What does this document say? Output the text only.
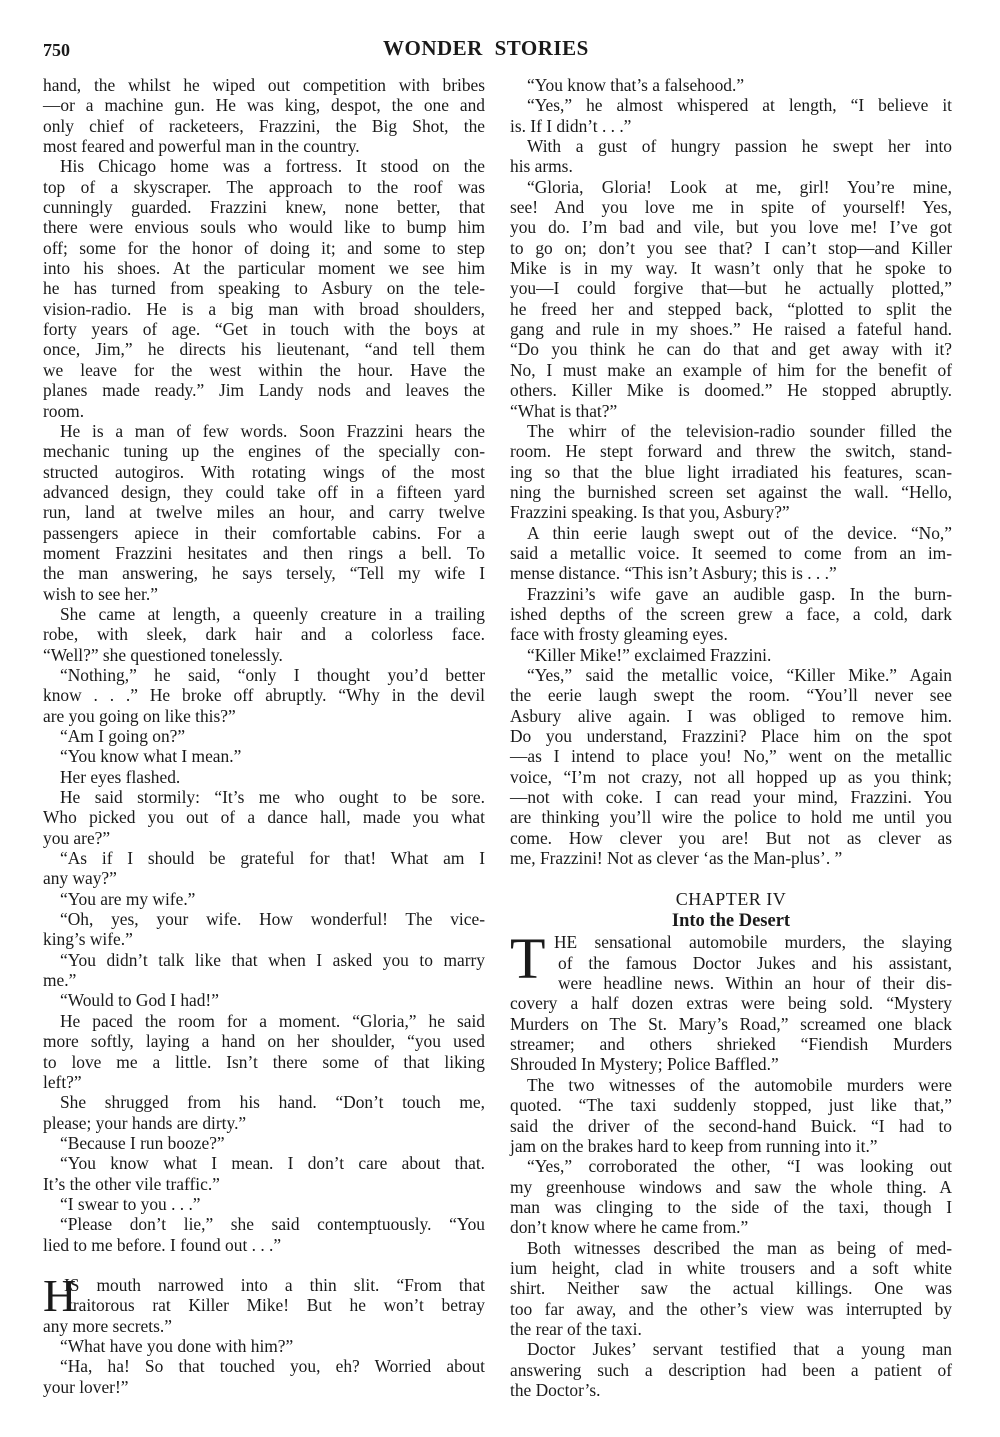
750	WONDER STORIES
hand, the whilst he wiped out competition with bribes
—or a machine gun. He was king, despot, the one and
only chief of racketeers, Frazzini, the Big Shot, the
most feared and powerful man in the country.
His Chicago home was a fortress. It stood on the
top of a skyscraper. The approach to the roof was
cunningly guarded. Frazzini knew, none better, that
there were envious souls who would like to bump him
off; some for the honor of doing it; and some to step
into his shoes. At the particular moment we see him
he has turned from speaking to Asbury on the tele-
vision-radio. He is a big man with broad shoulders,
forty years of age. “Get in touch with the boys at
once, Jim,” he directs his lieutenant, “and tell them
we leave for the west within the hour. Have the
planes made ready.” Jim Landy nods and leaves the
room.
He is a man of few words. Soon Frazzini hears the
mechanic tuning up the engines of the specially con-
structed autogiros. With rotating wings of the most
advanced design, they could take off in a fifteen yard
run, land at twelve miles an hour, and carry twelve
passengers apiece in their comfortable cabins. For a
moment Frazzini hesitates and then rings a bell. To
the man answering, he says tersely, “Tell my wife I
wish to see her.”
She came at length, a queenly creature in a trailing
robe, with sleek, dark hair and a colorless face.
“Well?” she questioned tonelessly.
“Nothing,” he said, “only I thought you’d better
know . . .” He broke off abruptly. “Why in the devil
are you going on like this?”
“Am I going on?”
“You know what I mean.”
Her eyes flashed.
He said stormily: “It’s me who ought to be sore.
Who picked you out of a dance hall, made you what
you are?”
“As if I should be grateful for that! What am I
any way?”
“You are my wife.”
“Oh, yes, your wife. How wonderful! The vice-
king’s wife.”
“You didn’t talk like that when I asked you to marry
me.”
“Would to God I had!”
He paced the room for a moment. “Gloria,” he said
more softly, laying a hand on her shoulder, “you used
to love me a little. Isn’t there some of that liking
left?”
She shrugged from his hand. “Don’t touch me,
please; your hands are dirty.”
“Because I run booze?”
“You know what I mean. I don’t care about that.
It’s the other vile traffic.”
“I swear to you . . .”
“Please don’t lie,” she said contemptuously. “You
lied to me before. I found out . . .”
H
IS mouth narrowed into a thin slit. “From that
traitorous rat Killer Mike! But he won’t betray
any more secrets.”
“What have you done with him?”
“Ha, ha! So that touched you, eh? Worried about
your lover!”
“You know that’s a falsehood.”
“Yes,” he almost whispered at length, “I believe it
is. If I didn’t . . .”
With a gust of hungry passion he swept her into
his arms.
“Gloria, Gloria! Look at me, girl! You’re mine,
see! And you love me in spite of yourself! Yes,
you do. I’m bad and vile, but you love me! I’ve got
to go on; don’t you see that? I can’t stop—and Killer
Mike is in my way. It wasn’t only that he spoke to
you—I could forgive that—but he actually plotted,”
he freed her and stepped back, “plotted to split the
gang and rule in my shoes.” He raised a fateful hand.
“Do you think he can do that and get away with it?
No, I must make an example of him for the benefit of
others. Killer Mike is doomed.” He stopped abruptly.
“What is that?”
The whirr of the television-radio sounder filled the
room. He stept forward and threw the switch, stand-
ing so that the blue light irradiated his features, scan-
ning the burnished screen set against the wall. “Hello,
Frazzini speaking. Is that you, Asbury?”
A thin eerie laugh swept out of the device. “No,”
said a metallic voice. It seemed to come from an im-
mense distance. “This isn’t Asbury; this is . . .”
Frazzini’s wife gave an audible gasp. In the burn-
ished depths of the screen grew a face, a cold, dark
face with frosty gleaming eyes.
“Killer Mike!” exclaimed Frazzini.
“Yes,” said the metallic voice, “Killer Mike.” Again
the eerie laugh swept the room. “You’ll never see
Asbury alive again. I was obliged to remove him.
Do you understand, Frazzini? Place him on the spot
—as I intend to place you! No,” went on the metallic
voice, “I’m not crazy, not all hopped up as you think;
—not with coke. I can read your mind, Frazzini. You
are thinking you’ll wire the police to hold me until you
come. How clever you are! But not as clever as
me, Frazzini! Not as clever ‘as the Man-plus’. ”
CHAPTER IV
Into the Desert
T HE sensational automobile murders, the slaying
of the famous Doctor Jukes and his assistant,
were headline news. Within an hour of their dis-
covery a half dozen extras were being sold. “Mystery
Murders on The St. Mary’s Road,” screamed one black
streamer; and others shrieked “Fiendish Murders
Shrouded In Mystery; Police Baffled.”
The two witnesses of the automobile murders were
quoted. “The taxi suddenly stopped, just like that,”
said the driver of the second-hand Buick. “I had to
jam on the brakes hard to keep from running into it.”
“Yes,” corroborated the other, “I was looking out
my greenhouse windows and saw the whole thing. A
man was clinging to the side of the taxi, though I
don’t know where he came from.”
Both witnesses described the man as being of med-
ium height, clad in white trousers and a soft white
shirt. Neither saw the actual killings. One was
too far away, and the other’s view was interrupted by
the rear of the taxi.
Doctor Jukes’ servant testified that a young man
answering such a description had been a patient of
the Doctor’s.
